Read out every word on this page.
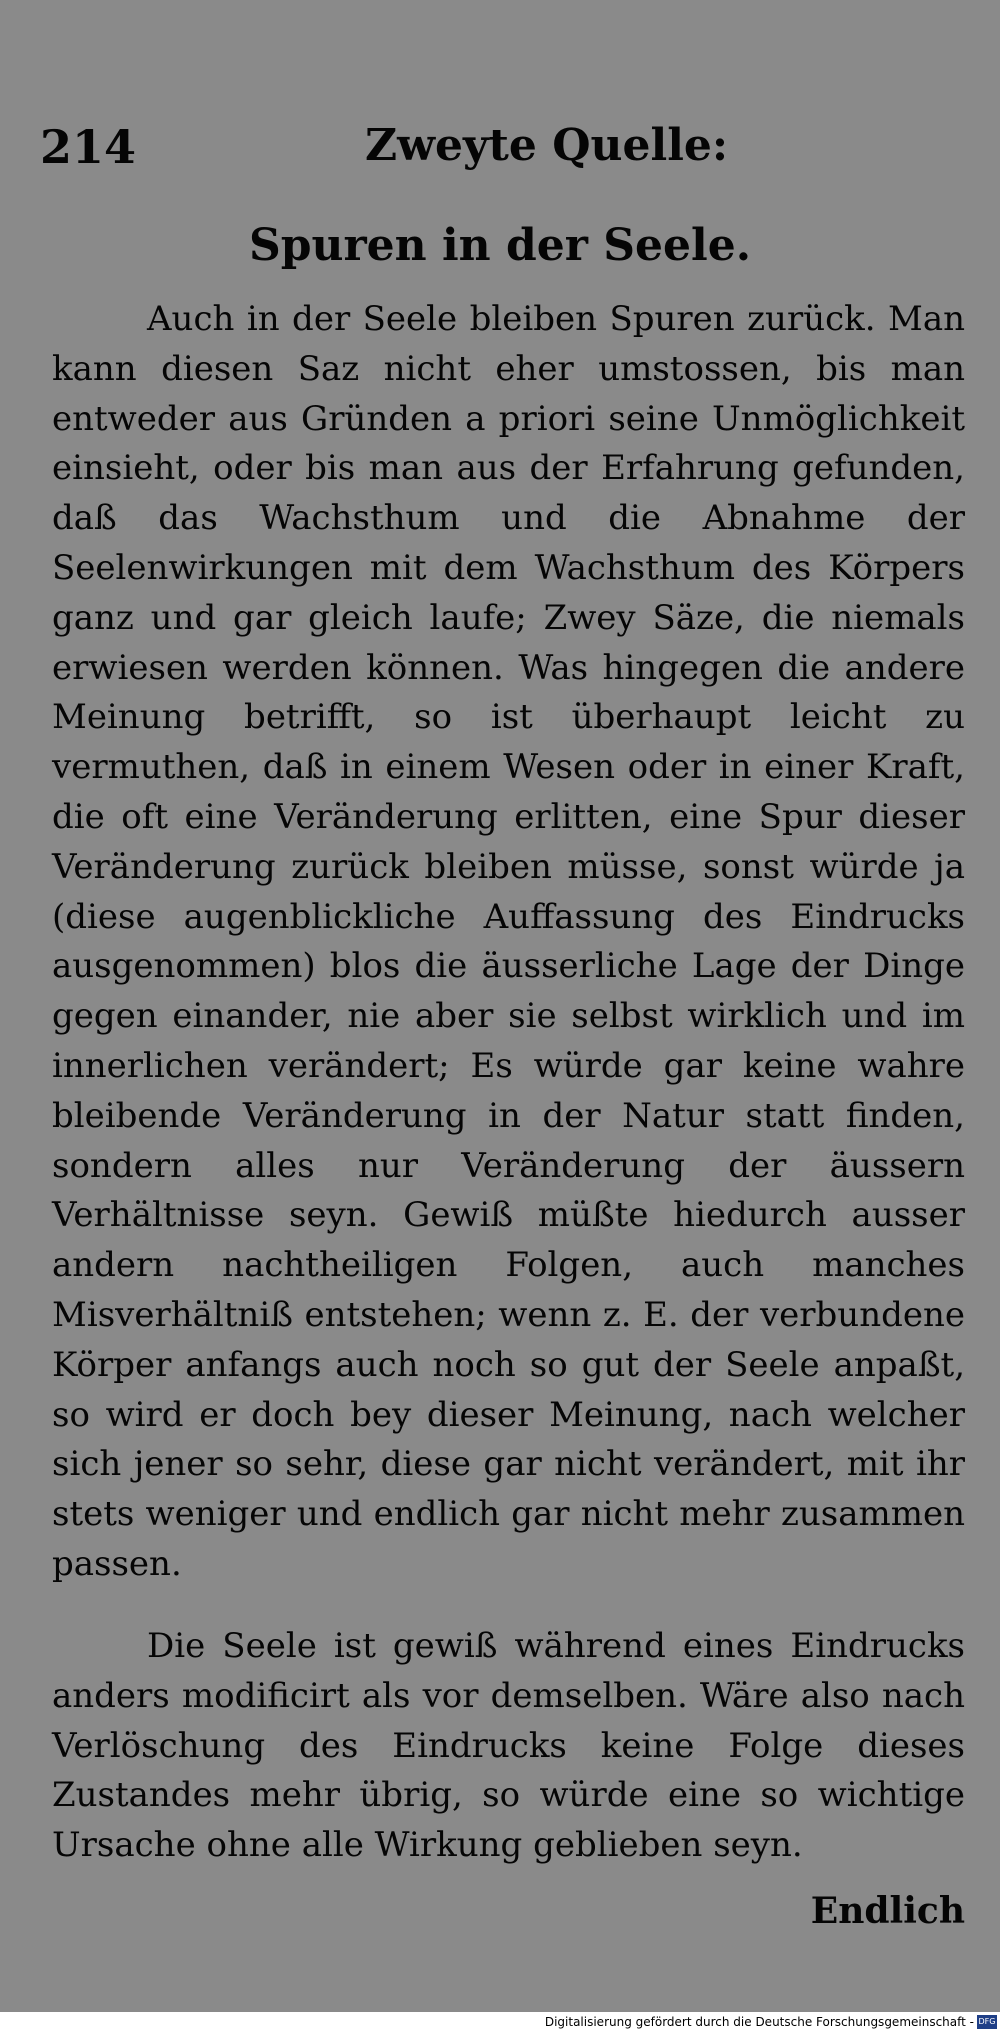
214	Zweyte Quelle:
Spuren in der Seele.

Auch in der Seele bleiben Spuren zurück. Man kann diesen Saz nicht eher umstossen, bis man entweder aus Gründen a priori seine Unmöglichkeit einsieht, oder bis man aus der Erfahrung gefunden, daß das Wachsthum und die Abnahme der Seelenwirkungen mit dem Wachsthum des Körpers ganz und gar gleich laufe; Zwey Säze, die niemals erwiesen werden können. Was hingegen die andere Meinung betrifft, so ist überhaupt leicht zu vermuthen, daß in einem Wesen oder in einer Kraft, die oft eine Veränderung erlitten, eine Spur dieser Veränderung zurück bleiben müsse, sonst würde ja (diese augenblickliche Auffassung des Eindrucks ausgenommen) blos die äusserliche Lage der Dinge gegen einander, nie aber sie selbst wirklich und im innerlichen verändert; Es würde gar keine wahre bleibende Veränderung in der Natur statt finden, sondern alles nur Veränderung der äussern Verhältnisse seyn. Gewiß müßte hiedurch ausser andern nachtheiligen Folgen, auch manches Misverhältniß entstehen; wenn z. E. der verbundene Körper anfangs auch noch so gut der Seele anpaßt, so wird er doch bey dieser Meinung, nach welcher sich jener so sehr, diese gar nicht verändert, mit ihr stets weniger und endlich gar nicht mehr zusammen passen.

Die Seele ist gewiß während eines Eindrucks anders modificirt als vor demselben. Wäre also nach Verlöschung des Eindrucks keine Folge dieses Zustandes mehr übrig, so würde eine so wichtige Ursache ohne alle Wirkung geblieben seyn.

Endlich
Digitalisierung gefördert durch die Deutsche Forschungsgemeinschaft - DFG
